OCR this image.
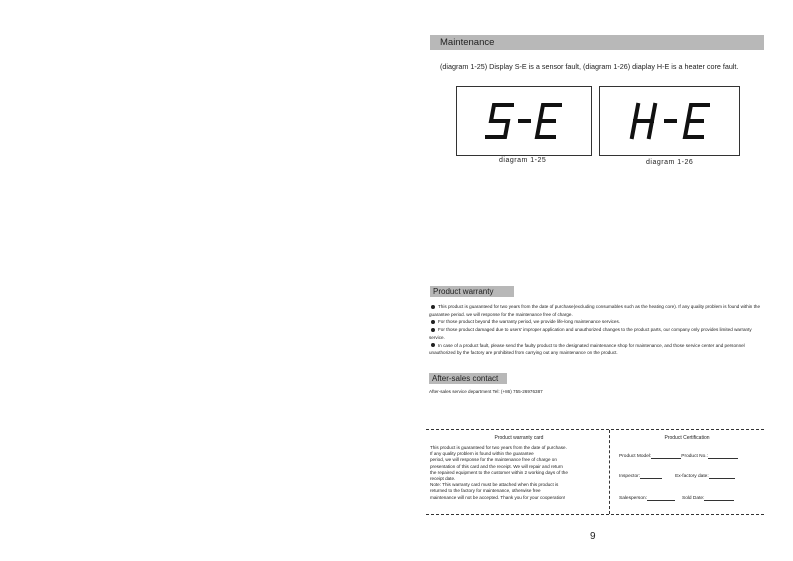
Maintenance
(diagram 1-25) Display S-E is a sensor fault, (diagram 1-26) diaplay H-E is a heater core fault.
diagram 1-25	diagram 1-26
Product warranty

This product is guaranteed for two years from the date of purchase(excluding consumables such as the heating core). If any quality problem is found within the guarantee period. we will response for the maintenance free of charge.

For those product beyond the warranty period, we provide life-long maintenance services.

For those product damaged due to users' improper application and unauthorized changes to the product parts, our company only provides limited warranty service.

In case of a product fault, please send the faulty product to the designated maintenance shop for maintenance, and those service center and personnel unauthorized by the factory are prohibited from carrying out any maintenance on the product.

After-sales contact
After-sales service department Tel: (+86) 755-26976387
Product warranty card
This product is guaranteed for two years from the date of purchase.
If any quality problem is found within the guarantee
period, we will response for the maintenance free of charge on
presentation of this card and the receipt. We will repair and return
the repaired equipment to the customer within 2 working days of the
receipt date.
Note: This warranty card must be attached when this product is
returned to the factory for maintenance, otherwise free
maintenance will not be accepted. Thank you for your cooperation!
Product Certification
Product Model:	Product No.:
Inspector:	Ex-factory date:
Salesperson:	Sold Date:
9
